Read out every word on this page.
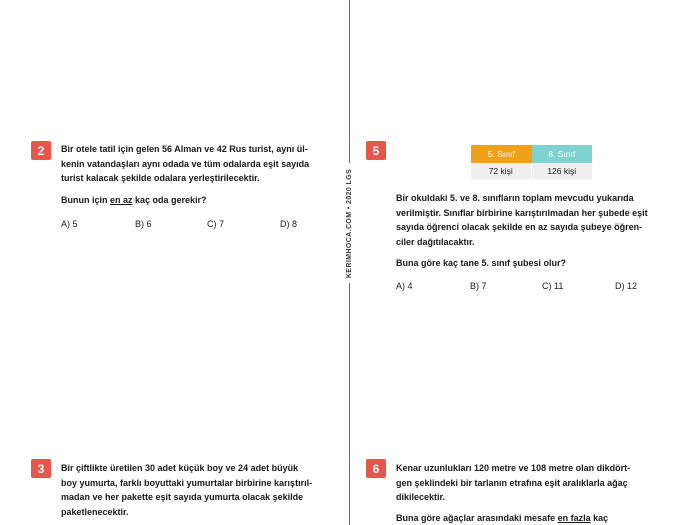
KERIMHOCA.COM • 2020 LGS
2	Bir otele tatil için gelen 56 Alman ve 42 Rus turist, aynı ül-
kenin vatandaşları aynı odada ve tüm odalarda eşit sayıda
turist kalacak şekilde odalara yerleştirilecektir.
Bunun için en az kaç oda gerekir?
A) 5	B) 6	C) 7	D) 8
5	5. Sınıf	8. Sınıf
72 kişi	126 kişi
Bir okuldaki 5. ve 8. sınıfların toplam mevcudu yukarıda
verilmiştir. Sınıflar birbirine karıştırılmadan her şubede eşit
sayıda öğrenci olacak şekilde en az sayıda şubeye öğren-
ciler dağıtılacaktır.
Buna göre kaç tane 5. sınıf şubesi olur?
A) 4	B) 7	C) 11	D) 12
3	Bir çiftlikte üretilen 30 adet küçük boy ve 24 adet büyük
boy yumurta, farklı boyuttaki yumurtalar birbirine karıştırıl-
madan ve her pakette eşit sayıda yumurta olacak şekilde
paketlenecektir.
6	Kenar uzunlukları 120 metre ve 108 metre olan dikdört-
gen şeklindeki bir tarlanın etrafına eşit aralıklarla ağaç
dikilecektir.
Buna göre ağaçlar arasındaki mesafe en fazla kaç
